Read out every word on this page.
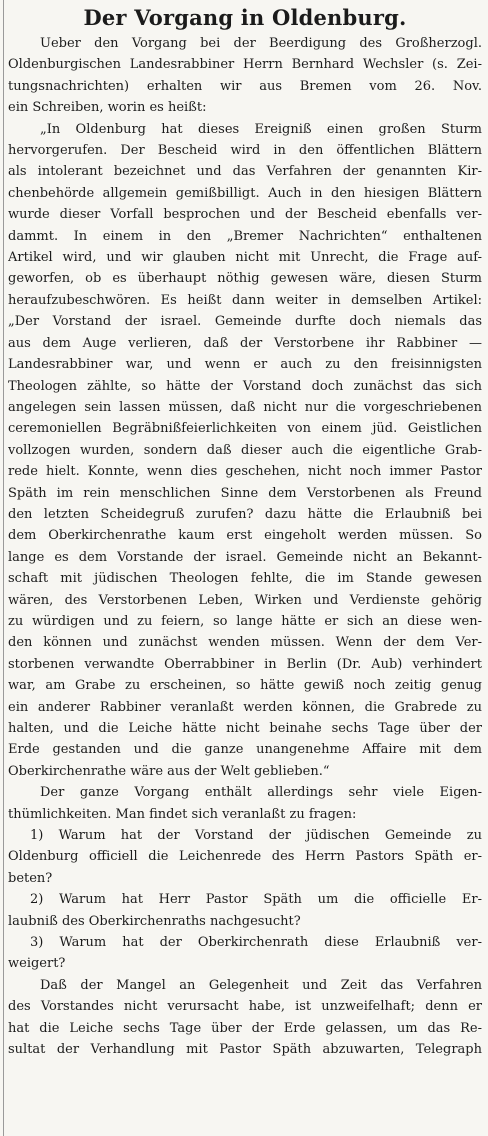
Der Vorgang in Oldenburg.
Ueber den Vorgang bei der Beerdigung des Großherzogl.
Oldenburgischen Landesrabbiner Herrn Bernhard Wechsler (s. Zei-
tungsnachrichten) erhalten wir aus Bremen vom 26. Nov.
ein Schreiben, worin es heißt:
„In Oldenburg hat dieses Ereigniß einen großen Sturm
hervorgerufen. Der Bescheid wird in den öffentlichen Blättern
als intolerant bezeichnet und das Verfahren der genannten Kir-
chenbehörde allgemein gemißbilligt. Auch in den hiesigen Blättern
wurde dieser Vorfall besprochen und der Bescheid ebenfalls ver-
dammt. In einem in den „Bremer Nachrichten“ enthaltenen
Artikel wird, und wir glauben nicht mit Unrecht, die Frage auf-
geworfen, ob es überhaupt nöthig gewesen wäre, diesen Sturm
heraufzubeschwören. Es heißt dann weiter in demselben Artikel:
„Der Vorstand der israel. Gemeinde durfte doch niemals das
aus dem Auge verlieren, daß der Verstorbene ihr Rabbiner —
Landesrabbiner war, und wenn er auch zu den freisinnigsten
Theologen zählte, so hätte der Vorstand doch zunächst das sich
angelegen sein lassen müssen, daß nicht nur die vorgeschriebenen
ceremoniellen Begräbnißfeierlichkeiten von einem jüd. Geistlichen
vollzogen wurden, sondern daß dieser auch die eigentliche Grab-
rede hielt. Konnte, wenn dies geschehen, nicht noch immer Pastor
Späth im rein menschlichen Sinne dem Verstorbenen als Freund
den letzten Scheidegruß zurufen? dazu hätte die Erlaubniß bei
dem Oberkirchenrathe kaum erst eingeholt werden müssen. So
lange es dem Vorstande der israel. Gemeinde nicht an Bekannt-
schaft mit jüdischen Theologen fehlte, die im Stande gewesen
wären, des Verstorbenen Leben, Wirken und Verdienste gehörig
zu würdigen und zu feiern, so lange hätte er sich an diese wen-
den können und zunächst wenden müssen. Wenn der dem Ver-
storbenen verwandte Oberrabbiner in Berlin (Dr. Aub) verhindert
war, am Grabe zu erscheinen, so hätte gewiß noch zeitig genug
ein anderer Rabbiner veranlaßt werden können, die Grabrede zu
halten, und die Leiche hätte nicht beinahe sechs Tage über der
Erde gestanden und die ganze unangenehme Affaire mit dem
Oberkirchenrathe wäre aus der Welt geblieben.“
Der ganze Vorgang enthält allerdings sehr viele Eigen-
thümlichkeiten. Man findet sich veranlaßt zu fragen:
1) Warum hat der Vorstand der jüdischen Gemeinde zu
Oldenburg officiell die Leichenrede des Herrn Pastors Späth er-
beten?
2) Warum hat Herr Pastor Späth um die officielle Er-
laubniß des Oberkirchenraths nachgesucht?
3) Warum hat der Oberkirchenrath diese Erlaubniß ver-
weigert?
Daß der Mangel an Gelegenheit und Zeit das Verfahren
des Vorstandes nicht verursacht habe, ist unzweifelhaft; denn er
hat die Leiche sechs Tage über der Erde gelassen, um das Re-
sultat der Verhandlung mit Pastor Späth abzuwarten, Telegraph
